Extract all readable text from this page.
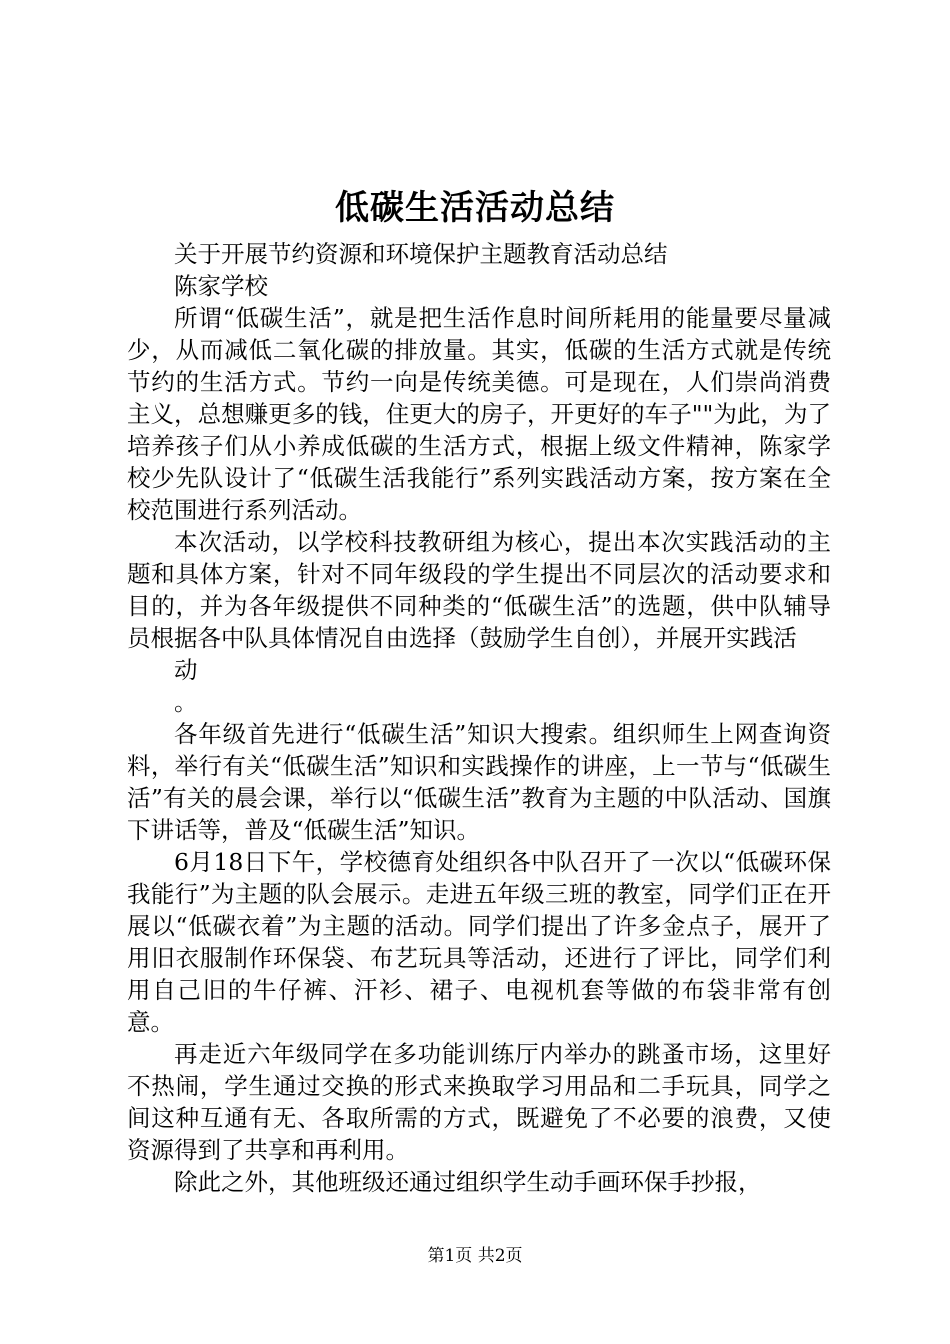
低碳生活活动总结

关于开展节约资源和环境保护主题教育活动总结

陈家学校

所谓“低碳生活”，就是把生活作息时间所耗用的能量要尽量减少，从而减低二氧化碳的排放量。其实，低碳的生活方式就是传统节约的生活方式。节约一向是传统美德。可是现在，人们崇尚消费主义，总想赚更多的钱，住更大的房子，开更好的车子""为此，为了培养孩子们从小养成低碳的生活方式，根据上级文件精神，陈家学校少先队设计了“低碳生活我能行”系列实践活动方案，按方案在全校范围进行系列活动。

本次活动，以学校科技教研组为核心，提出本次实践活动的主题和具体方案，针对不同年级段的学生提出不同层次的活动要求和目的，并为各年级提供不同种类的“低碳生活”的选题，供中队辅导员根据各中队具体情况自由选择（鼓励学生自创），并展开实践活

动

。

各年级首先进行“低碳生活”知识大搜索。组织师生上网查询资料，举行有关“低碳生活”知识和实践操作的讲座，上一节与“低碳生活”有关的晨会课，举行以“低碳生活”教育为主题的中队活动、国旗下讲话等，普及“低碳生活”知识。

6月18日下午，学校德育处组织各中队召开了一次以“低碳环保我能行”为主题的队会展示。走进五年级三班的教室，同学们正在开展以“低碳衣着”为主题的活动。同学们提出了许多金点子，展开了用旧衣服制作环保袋、布艺玩具等活动，还进行了评比，同学们利用自己旧的牛仔裤、汗衫、裙子、电视机套等做的布袋非常有创意。

再走近六年级同学在多功能训练厅内举办的跳蚤市场，这里好不热闹，学生通过交换的形式来换取学习用品和二手玩具，同学之间这种互通有无、各取所需的方式，既避免了不必要的浪费，又使资源得到了共享和再利用。

除此之外，其他班级还通过组织学生动手画环保手抄报，

第1页 共2页
